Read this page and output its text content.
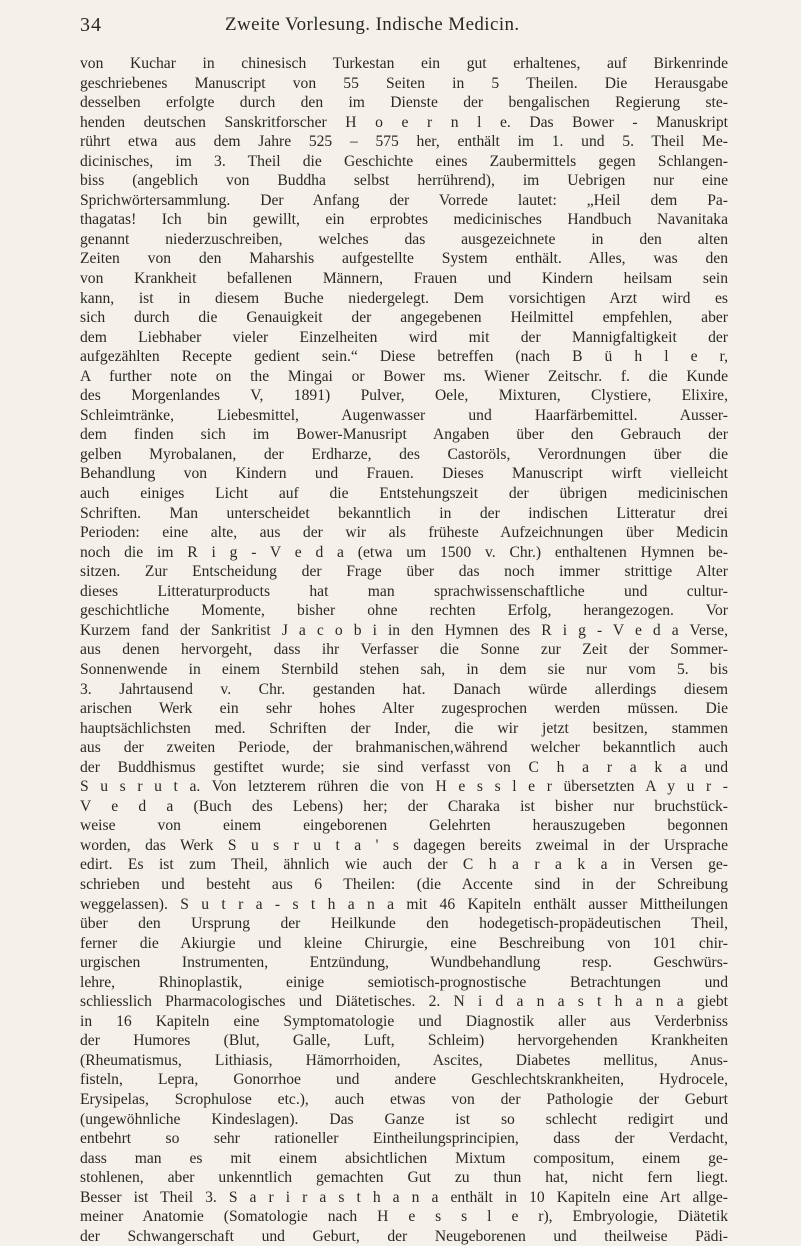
34	Zweite Vorlesung. Indische Medicin.
von Kuchar in chinesisch Turkestan ein gut erhaltenes, auf Birkenrinde
geschriebenes Manuscript von 55 Seiten in 5 Theilen. Die Herausgabe
desselben erfolgte durch den im Dienste der bengalischen Regierung ste-
henden deutschen Sanskritforscher H o e r n l e. Das Bower - Manuskript
rührt etwa aus dem Jahre 525 – 575 her, enthält im 1. und 5. Theil Me-
dicinisches, im 3. Theil die Geschichte eines Zaubermittels gegen Schlangen-
biss (angeblich von Buddha selbst herrührend), im Uebrigen nur eine
Sprichwörtersammlung. Der Anfang der Vorrede lautet: „Heil dem Pa-
thagatas! Ich bin gewillt, ein erprobtes medicinisches Handbuch Navanitaka
genannt niederzuschreiben, welches das ausgezeichnete in den alten
Zeiten von den Maharshis aufgestellte System enthält. Alles, was den
von Krankheit befallenen Männern, Frauen und Kindern heilsam sein
kann, ist in diesem Buche niedergelegt. Dem vorsichtigen Arzt wird es
sich durch die Genauigkeit der angegebenen Heilmittel empfehlen, aber
dem Liebhaber vieler Einzelheiten wird mit der Mannigfaltigkeit der
aufgezählten Recepte gedient sein.“ Diese betreffen (nach B ü h l e r,
A further note on the Mingai or Bower ms. Wiener Zeitschr. f. die Kunde
des Morgenlandes V, 1891) Pulver, Oele, Mixturen, Clystiere, Elixire,
Schleimtränke, Liebesmittel, Augenwasser und Haarfärbemittel. Ausser-
dem finden sich im Bower-Manusript Angaben über den Gebrauch der
gelben Myrobalanen, der Erdharze, des Castoröls, Verordnungen über die
Behandlung von Kindern und Frauen. Dieses Manuscript wirft vielleicht
auch einiges Licht auf die Entstehungszeit der übrigen medicinischen
Schriften. Man unterscheidet bekanntlich in der indischen Litteratur drei
Perioden: eine alte, aus der wir als früheste Aufzeichnungen über Medicin
noch die im R i g - V e d a (etwa um 1500 v. Chr.) enthaltenen Hymnen be-
sitzen. Zur Entscheidung der Frage über das noch immer strittige Alter
dieses Litteraturproducts hat man sprachwissenschaftliche und cultur-
geschichtliche Momente, bisher ohne rechten Erfolg, herangezogen. Vor
Kurzem fand der Sankritist J a c o b i in den Hymnen des R i g - V e d a Verse,
aus denen hervorgeht, dass ihr Verfasser die Sonne zur Zeit der Sommer-
Sonnenwende in einem Sternbild stehen sah, in dem sie nur vom 5. bis
3. Jahrtausend v. Chr. gestanden hat. Danach würde allerdings diesem
arischen Werk ein sehr hohes Alter zugesprochen werden müssen. Die
hauptsächlichsten med. Schriften der Inder, die wir jetzt besitzen, stammen
aus der zweiten Periode, der brahmanischen,während welcher bekanntlich auch
der Buddhismus gestiftet wurde; sie sind verfasst von C h a r a k a und
S u s r u t a. Von letzterem rühren die von H e s s l e r übersetzten A y u r -
V e d a (Buch des Lebens) her; der Charaka ist bisher nur bruchstück-
weise von einem eingeborenen Gelehrten herauszugeben begonnen
worden, das Werk S u s r u t a ' s dagegen bereits zweimal in der Ursprache
edirt. Es ist zum Theil, ähnlich wie auch der C h a r a k a in Versen ge-
schrieben und besteht aus 6 Theilen: (die Accente sind in der Schreibung
weggelassen). S u t r a - s t h a n a mit 46 Kapiteln enthält ausser Mittheilungen
über den Ursprung der Heilkunde den hodegetisch-propädeutischen Theil,
ferner die Akiurgie und kleine Chirurgie, eine Beschreibung von 101 chir-
urgischen Instrumenten, Entzündung, Wundbehandlung resp. Geschwürs-
lehre, Rhinoplastik, einige semiotisch-prognostische Betrachtungen und
schliesslich Pharmacologisches und Diätetisches. 2. N i d a n a s t h a n a giebt
in 16 Kapiteln eine Symptomatologie und Diagnostik aller aus Verderbniss
der Humores (Blut, Galle, Luft, Schleim) hervorgehenden Krankheiten
(Rheumatismus, Lithiasis, Hämorrhoiden, Ascites, Diabetes mellitus, Anus-
fisteln, Lepra, Gonorrhoe und andere Geschlechtskrankheiten, Hydrocele,
Erysipelas, Scrophulose etc.), auch etwas von der Pathologie der Geburt
(ungewöhnliche Kindeslagen). Das Ganze ist so schlecht redigirt und
entbehrt so sehr rationeller Eintheilungsprincipien, dass der Verdacht,
dass man es mit einem absichtlichen Mixtum compositum, einem ge-
stohlenen, aber unkenntlich gemachten Gut zu thun hat, nicht fern liegt.
Besser ist Theil 3. S a r i r a s t h a n a enthält in 10 Kapiteln eine Art allge-
meiner Anatomie (Somatologie nach H e s s l e r), Embryologie, Diätetik
der Schwangerschaft und Geburt, der Neugeborenen und theilweise Pädi-
